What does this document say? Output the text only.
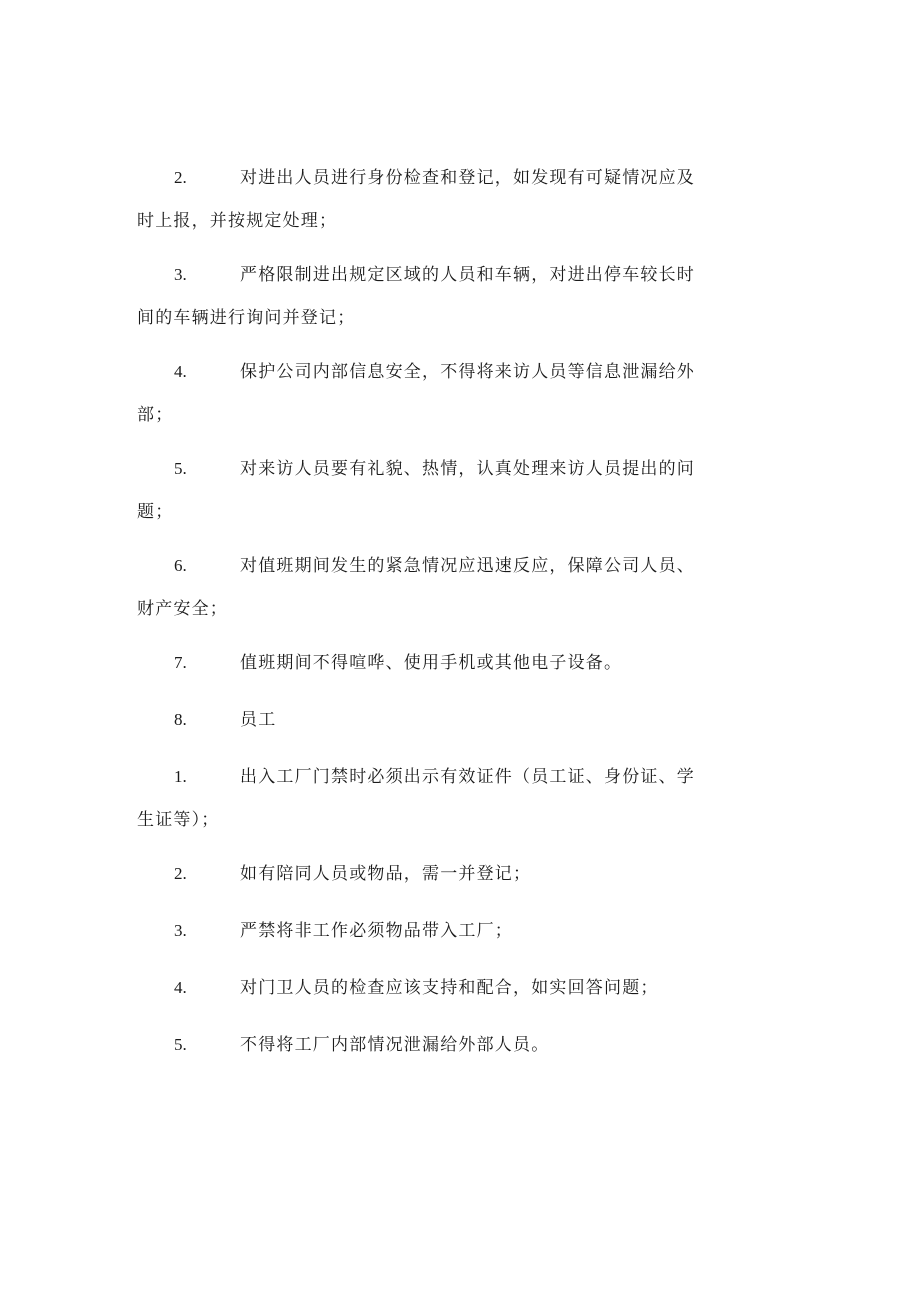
2.	对进出人员进行身份检查和登记，如发现有可疑情况应及
时上报，并按规定处理；
3.	严格限制进出规定区域的人员和车辆，对进出停车较长时
间的车辆进行询问并登记；
4.	保护公司内部信息安全，不得将来访人员等信息泄漏给外
部；
5.	对来访人员要有礼貌、热情，认真处理来访人员提出的问
题；
6.	对值班期间发生的紧急情况应迅速反应，保障公司人员、
财产安全；
7.	值班期间不得喧哗、使用手机或其他电子设备。
8.	员工
1.	出入工厂门禁时必须出示有效证件（员工证、身份证、学
生证等）；
2.	如有陪同人员或物品，需一并登记；
3.	严禁将非工作必须物品带入工厂；
4.	对门卫人员的检查应该支持和配合，如实回答问题；
5.	不得将工厂内部情况泄漏给外部人员。
